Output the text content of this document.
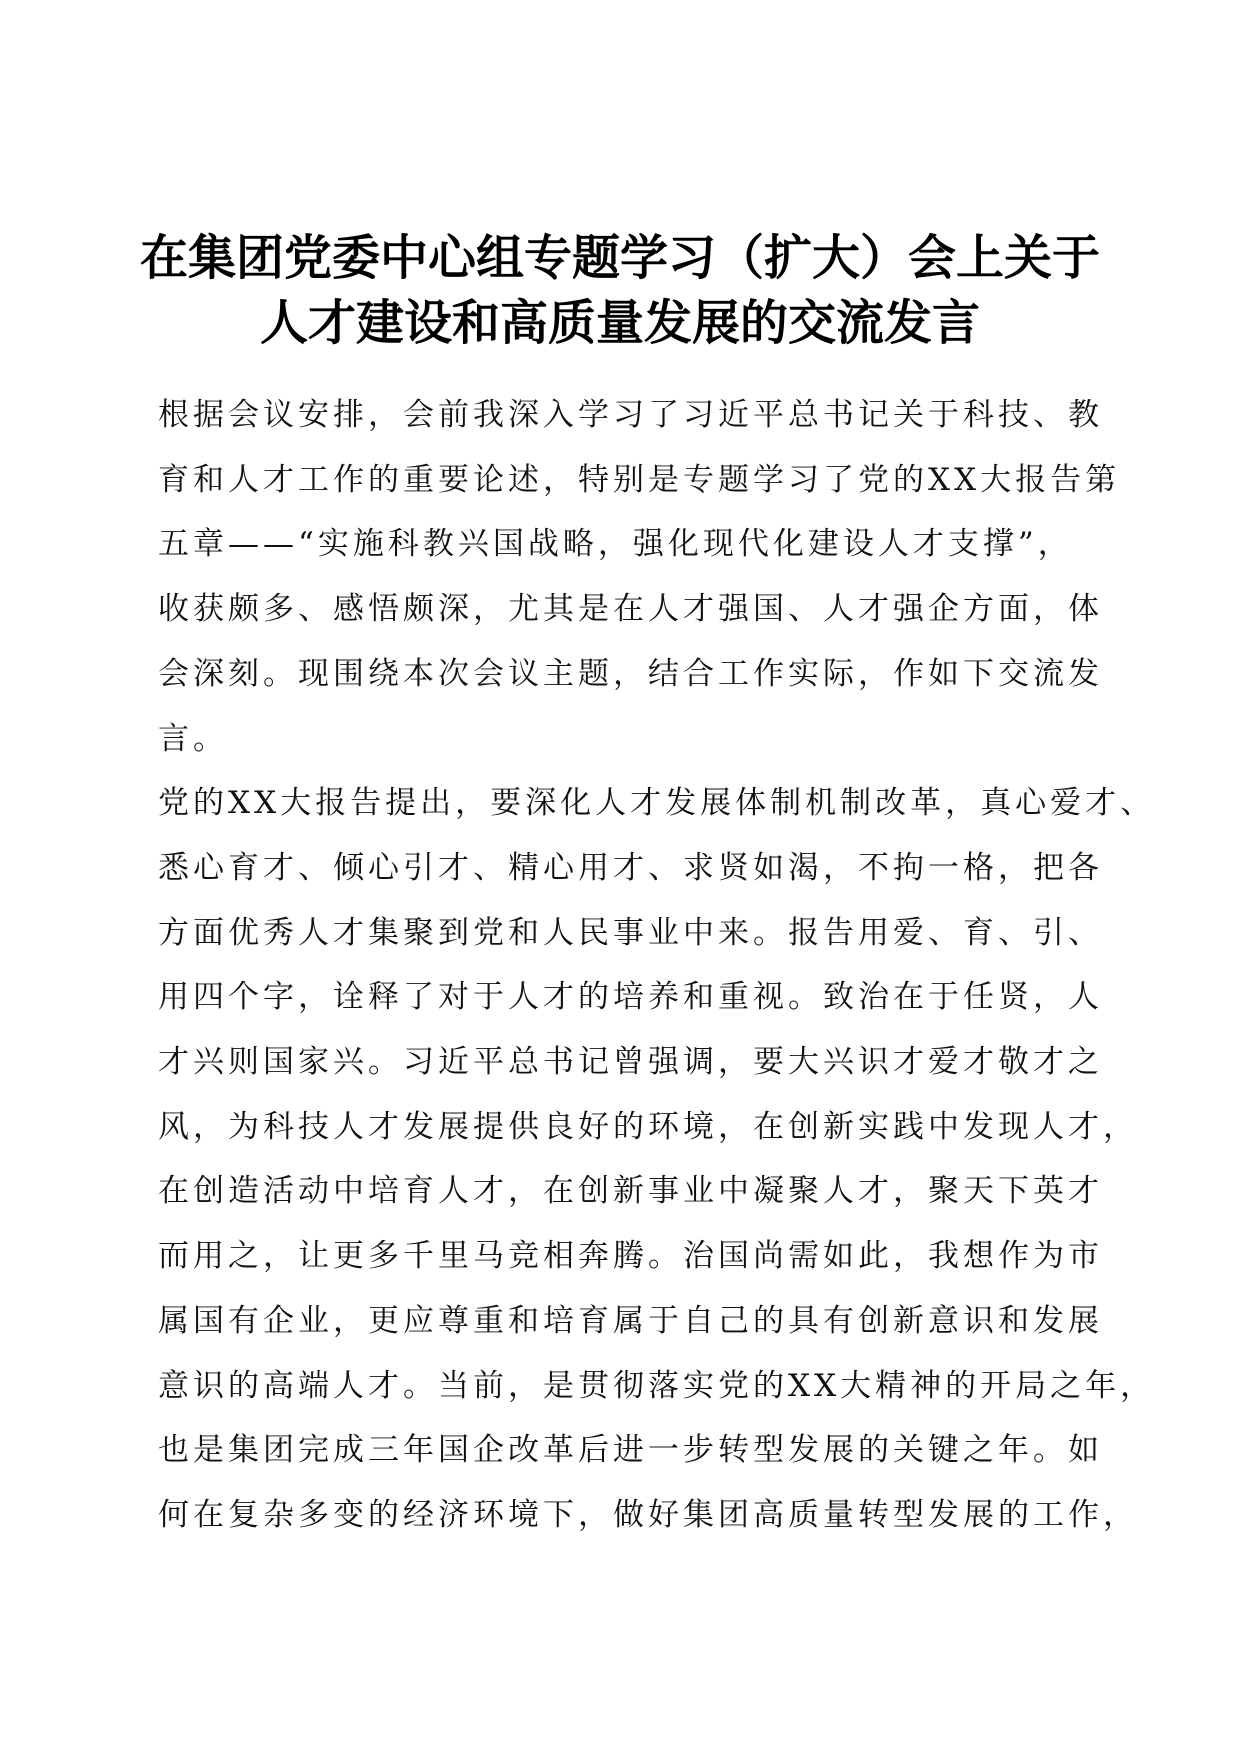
在集团党委中心组专题学习（扩大）会上关于
人才建设和高质量发展的交流发言
根据会议安排，会前我深入学习了习近平总书记关于科技、教
育和人才工作的重要论述，特别是专题学习了党的XX大报告第
五章——“实施科教兴国战略，强化现代化建设人才支撑”，
收获颇多、感悟颇深，尤其是在人才强国、人才强企方面，体
会深刻。现围绕本次会议主题，结合工作实际，作如下交流发
言。
党的XX大报告提出，要深化人才发展体制机制改革，真心爱才、
悉心育才、倾心引才、精心用才、求贤如渴，不拘一格，把各
方面优秀人才集聚到党和人民事业中来。报告用爱、育、引、
用四个字，诠释了对于人才的培养和重视。致治在于任贤，人
才兴则国家兴。习近平总书记曾强调，要大兴识才爱才敬才之
风，为科技人才发展提供良好的环境，在创新实践中发现人才，
在创造活动中培育人才，在创新事业中凝聚人才，聚天下英才
而用之，让更多千里马竞相奔腾。治国尚需如此，我想作为市
属国有企业，更应尊重和培育属于自己的具有创新意识和发展
意识的高端人才。当前，是贯彻落实党的XX大精神的开局之年，
也是集团完成三年国企改革后进一步转型发展的关键之年。如
何在复杂多变的经济环境下，做好集团高质量转型发展的工作，
